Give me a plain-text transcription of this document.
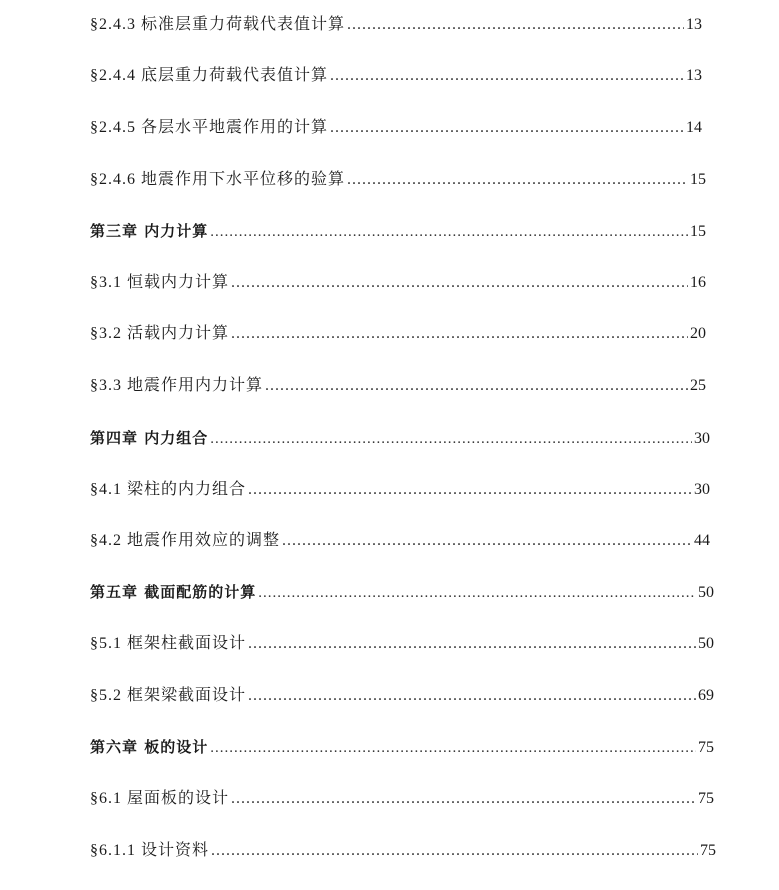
§2.4.3 标准层重力荷载代表值计算 .....	13
§2.4.4 底层重力荷载代表值计算 .....	13
§2.4.5 各层水平地震作用的计算 .....	14
§2.4.6 地震作用下水平位移的验算 .....	15
第三章 内力计算 .....	15
§3.1 恒载内力计算 .....	16
§3.2 活载内力计算 .....	20
§3.3 地震作用内力计算 .....	25
第四章 内力组合 .....	30
§4.1 梁柱的内力组合 .....	30
§4.2 地震作用效应的调整 .....	44
第五章 截面配筋的计算 .....	50
§5.1 框架柱截面设计 .....	50
§5.2 框架梁截面设计 .....	69
第六章 板的设计 .....	75
§6.1 屋面板的设计 .....	75
§6.1.1 设计资料 .....	75
